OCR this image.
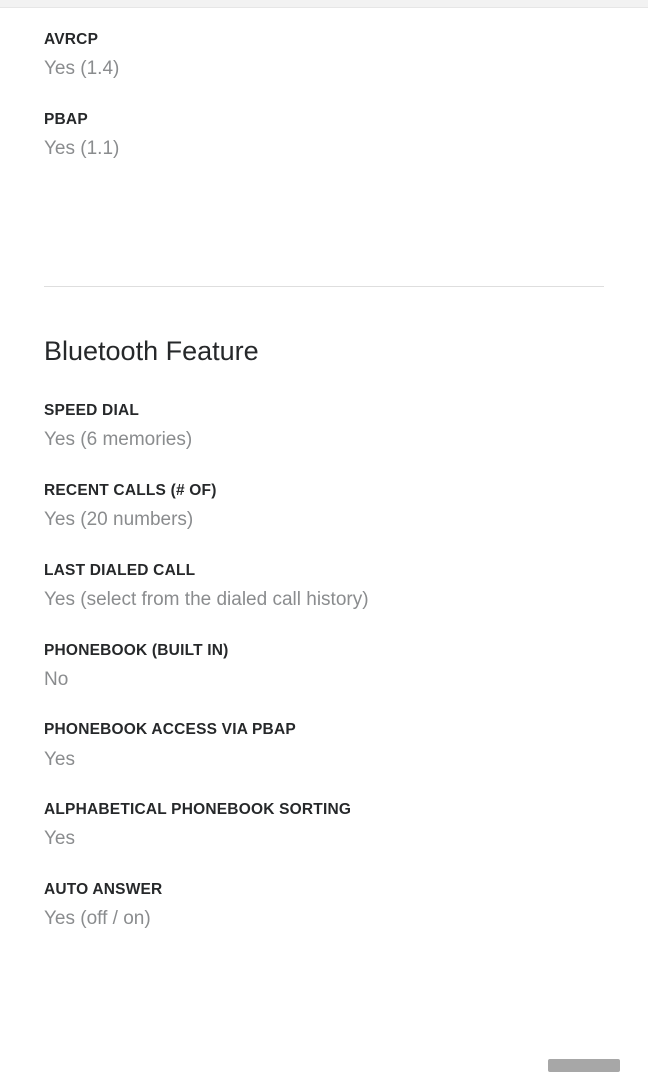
AVRCP
Yes (1.4)
PBAP
Yes (1.1)
Bluetooth Feature
SPEED DIAL
Yes (6 memories)
RECENT CALLS (# OF)
Yes (20 numbers)
LAST DIALED CALL
Yes (select from the dialed call history)
PHONEBOOK (BUILT IN)
No
PHONEBOOK ACCESS VIA PBAP
Yes
ALPHABETICAL PHONEBOOK SORTING
Yes
AUTO ANSWER
Yes (off / on)
